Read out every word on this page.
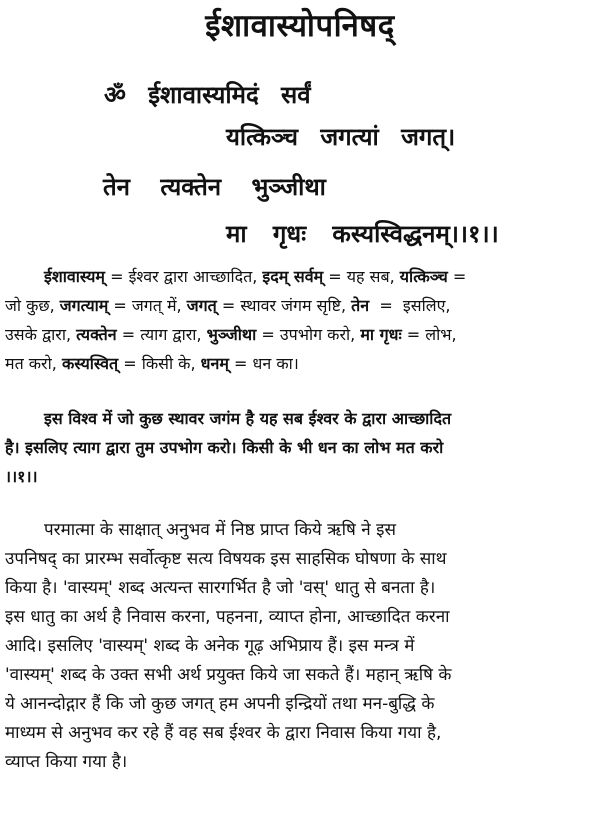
ईशावास्योपनिषद्
ॐ ईशावास्यमिदं सर्वं
यत्किञ्च जगत्यां जगत्।
तेन त्यक्तेन भुञ्जीथा
मा गृधः कस्यस्विद्धनम्।।१।।
ईशावास्यम् = ईश्वर द्वारा आच्छादित, इदम् सर्वम् = यह सब, यत्किञ्च =
जो कुछ, जगत्याम् = जगत् में, जगत् = स्थावर जंगम सृष्टि, तेन  =  इसलिए,
उसके द्वारा, त्यक्तेन = त्याग द्वारा, भुञ्जीथा = उपभोग करो, मा गृधः = लोभ,
मत करो, कस्यस्वित् = किसी के, धनम् = धन का।
इस विश्व में जो कुछ स्थावर जगंम है यह सब ईश्वर के द्वारा आच्छादित
है। इसलिए त्याग द्वारा तुम उपभोग करो। किसी के भी धन का लोभ मत करो
।।१।।
परमात्मा के साक्षात् अनुभव में निष्ठ प्राप्त किये ऋषि ने इस
उपनिषद् का प्रारम्भ सर्वोत्कृष्ट सत्य विषयक इस साहसिक घोषणा के साथ
किया है। 'वास्यम्' शब्द अत्यन्त सारगर्भित है जो 'वस्' धातु से बनता है।
इस धातु का अर्थ है निवास करना, पहनना, व्याप्त होना, आच्छादित करना
आदि। इसलिए 'वास्यम्' शब्द के अनेक गूढ़ अभिप्राय हैं। इस मन्त्र में
'वास्यम्' शब्द के उक्त सभी अर्थ प्रयुक्त किये जा सकते हैं। महान् ऋषि के
ये आनन्दोद्गार हैं कि जो कुछ जगत् हम अपनी इन्द्रियों तथा मन-बुद्धि के
माध्यम से अनुभव कर रहे हैं वह सब ईश्वर के द्वारा निवास किया गया है,
व्याप्त किया गया है।
